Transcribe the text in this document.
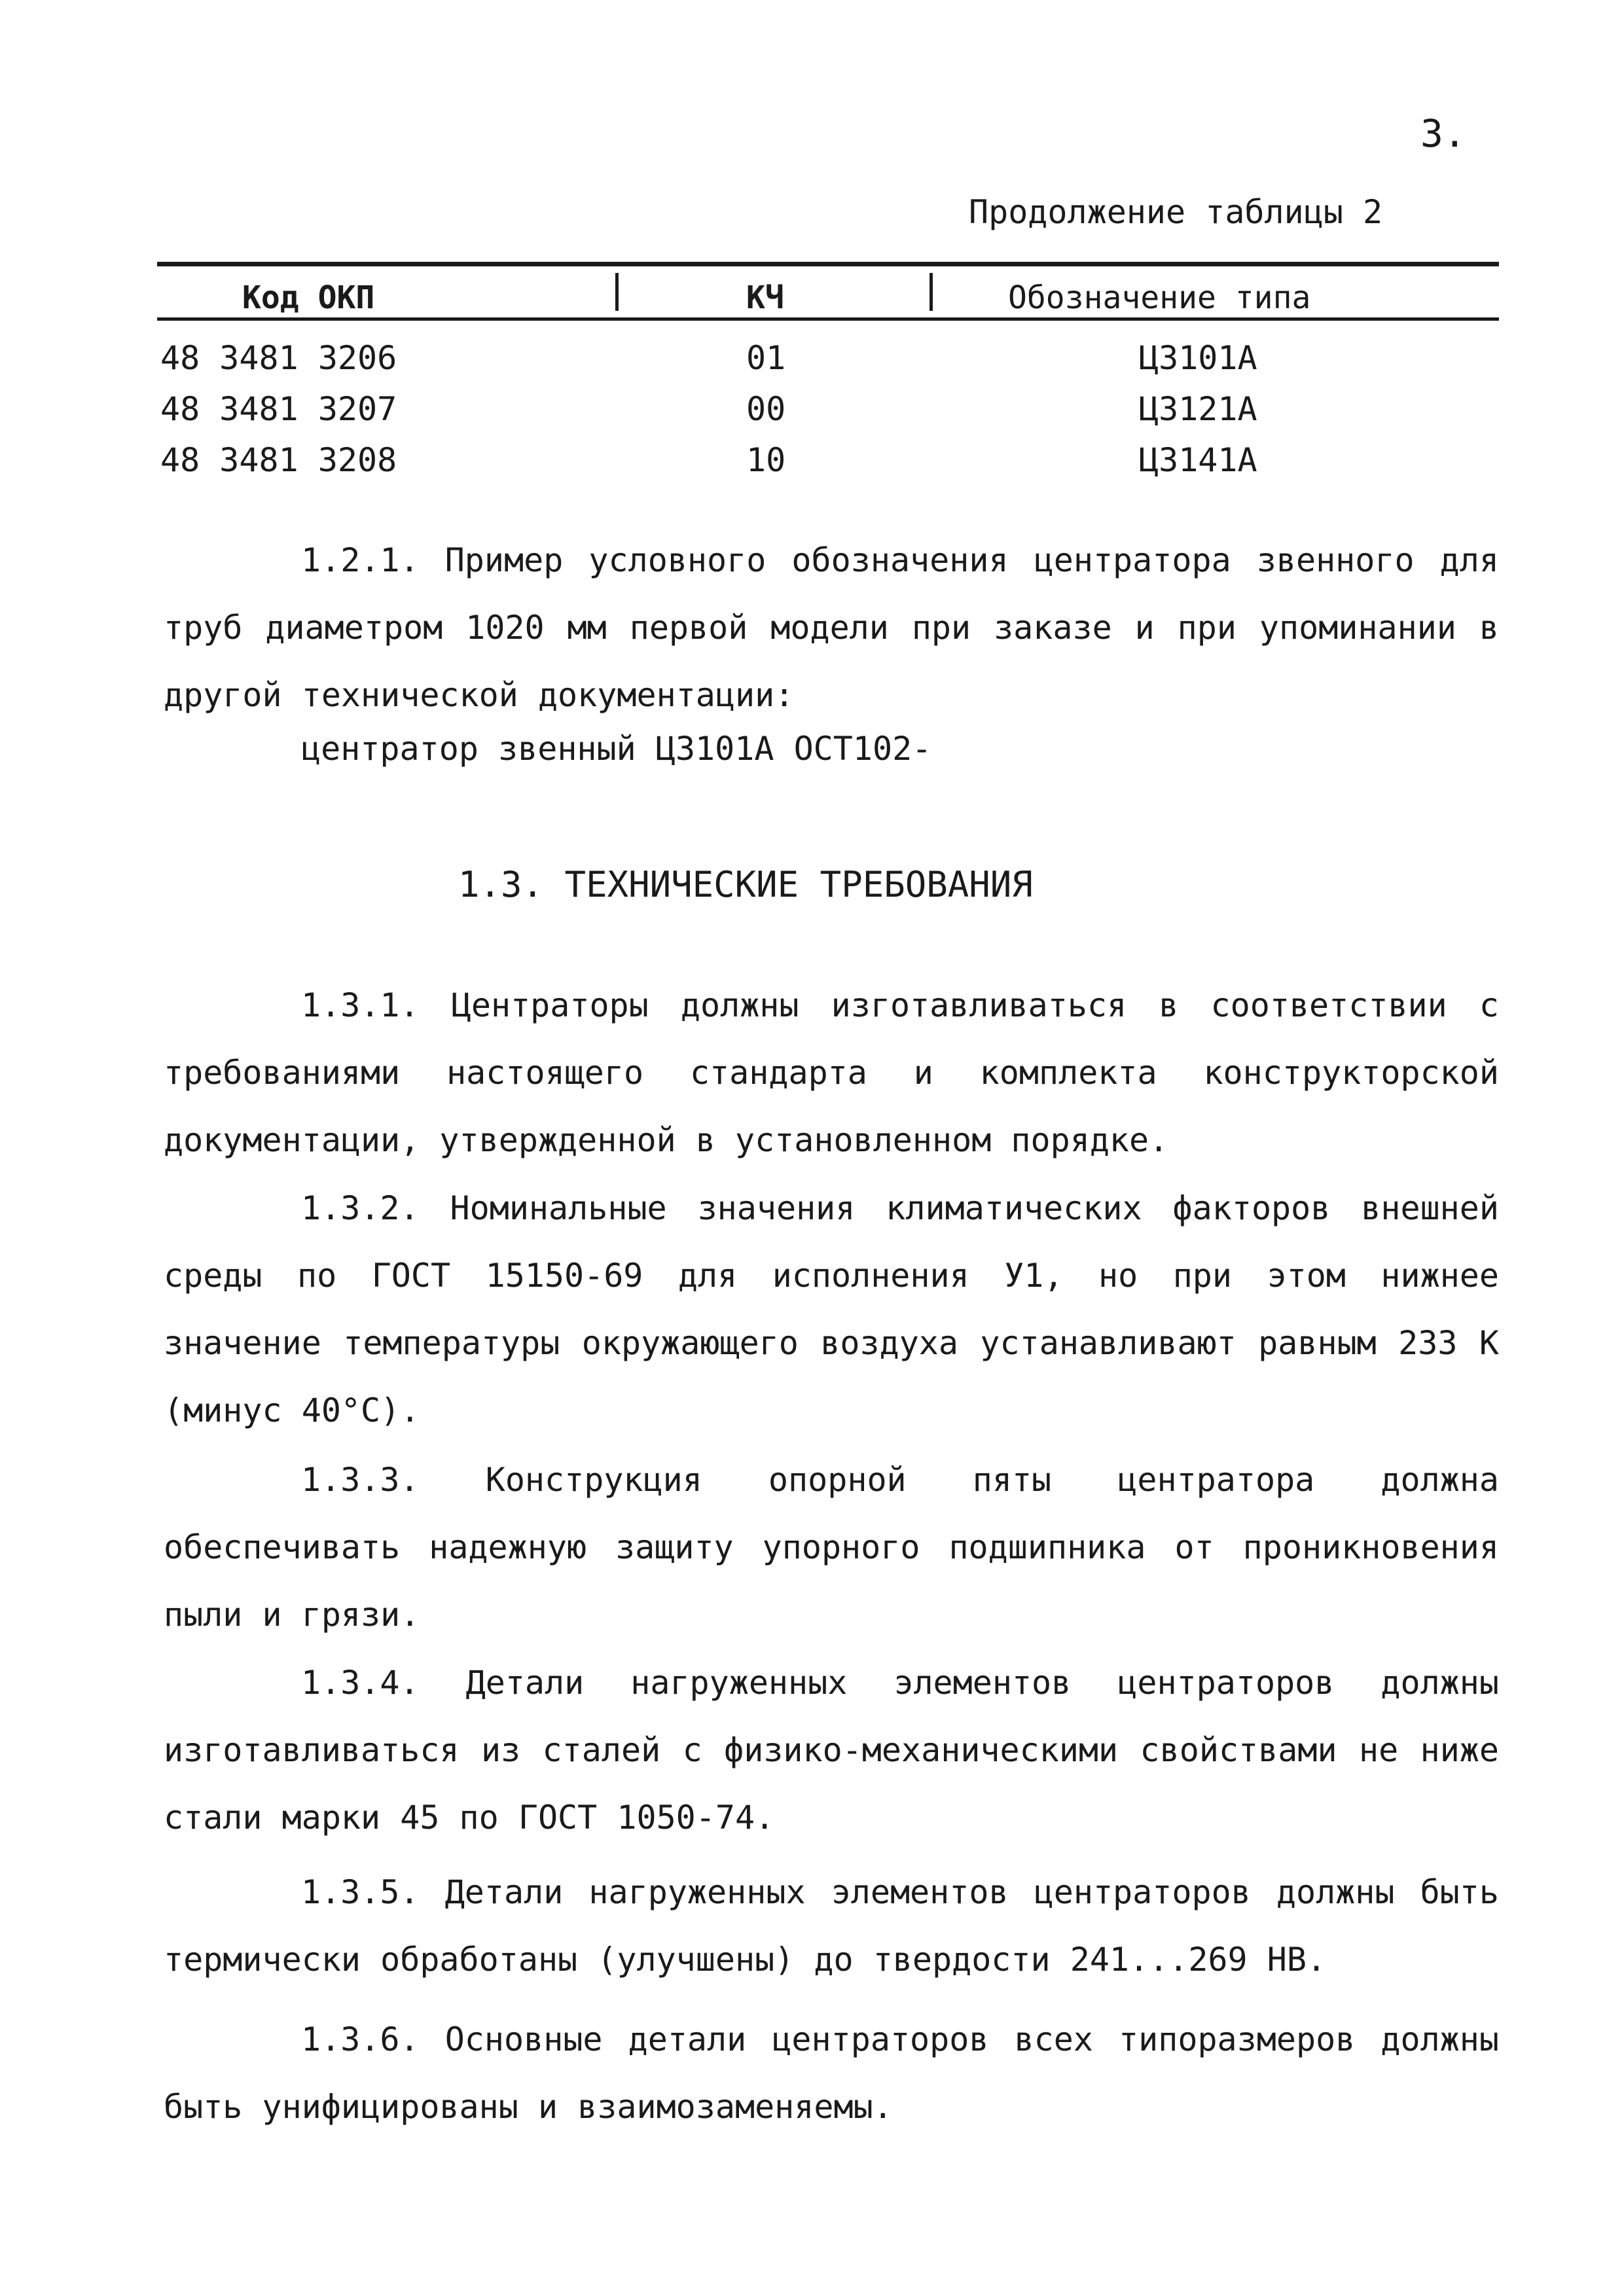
3.
Продолжение таблицы 2
Код ОКП	КЧ	Обозначение типа
48 3481 3206	01	ЦЗ101А
48 3481 3207	00	ЦЗ121А
48 3481 3208	10	ЦЗ141А

1.2.1. Пример условного обозначения центратора звенного для труб диаметром 1020 мм первой модели при заказе и при упоминании в другой технической документации:

центратор звенный ЦЗ101А ОСТ102-
1.3. ТЕХНИЧЕСКИЕ ТРЕБОВАНИЯ

1.3.1. Центраторы должны изготавливаться в соответствии с требованиями настоящего стандарта и комплекта конструкторской документации, утвержденной в установленном порядке.

1.3.2. Номинальные значения климатических факторов внешней среды по ГОСТ 15150-69 для исполнения У1, но при этом нижнее значение температуры окружающего воздуха устанавливают равным 233 К (минус 40°С).

1.3.3. Конструкция опорной пяты центратора должна обеспечивать надежную защиту упорного подшипника от проникновения пыли и грязи.

1.3.4. Детали нагруженных элементов центраторов должны изготавливаться из сталей с физико-механическими свойствами не ниже стали марки 45 по ГОСТ 1050-74.

1.3.5. Детали нагруженных элементов центраторов должны быть термически обработаны (улучшены) до твердости 241...269 НВ.

1.3.6. Основные детали центраторов всех типоразмеров должны быть унифицированы и взаимозаменяемы.
